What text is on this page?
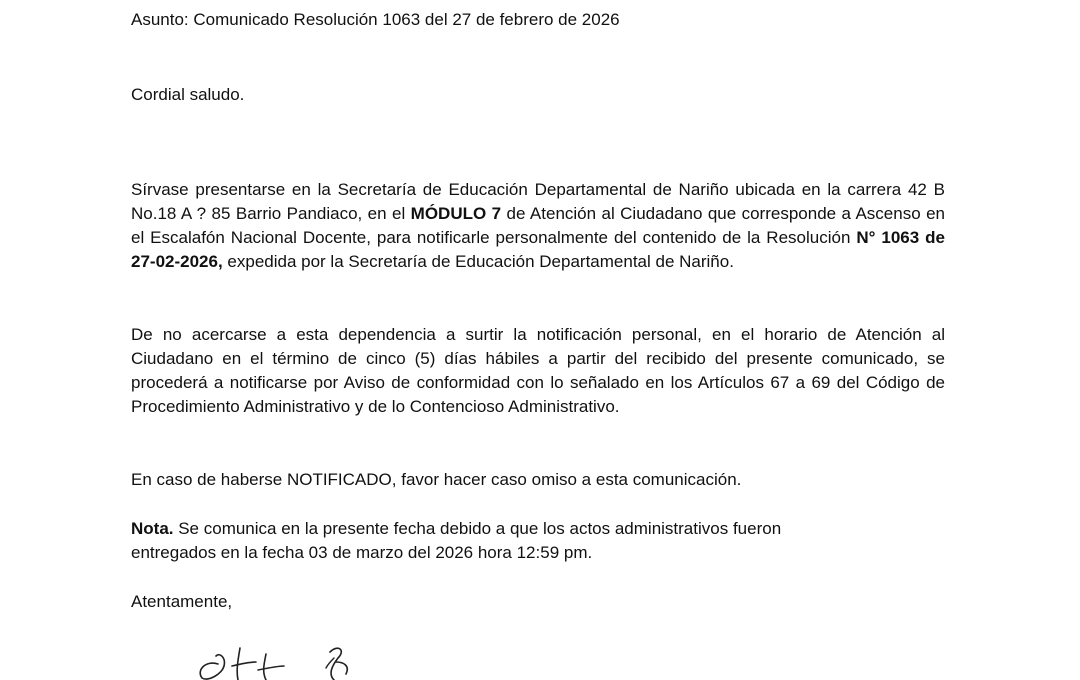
Asunto: Comunicado Resolución 1063 del 27 de febrero de 2026
Cordial saludo.
Sírvase presentarse en la Secretaría de Educación Departamental de Nariño ubicada en la carrera 42 B No.18 A ? 85 Barrio Pandiaco, en el MÓDULO 7 de Atención al Ciudadano que corresponde a Ascenso en el Escalafón Nacional Docente, para notificarle personalmente del contenido de la Resolución N° 1063 de 27-02-2026, expedida por la Secretaría de Educación Departamental de Nariño.
De no acercarse a esta dependencia a surtir la notificación personal, en el horario de Atención al Ciudadano en el término de cinco (5) días hábiles a partir del recibido del presente comunicado, se procederá a notificarse por Aviso de conformidad con lo señalado en los Artículos 67 a 69 del Código de Procedimiento Administrativo y de lo Contencioso Administrativo.
En caso de haberse NOTIFICADO, favor hacer caso omiso a esta comunicación.
Nota. Se comunica en la presente fecha debido a que los actos administrativos fueron
entregados en la fecha 03 de marzo del 2026 hora 12:59 pm.
Atentamente,
